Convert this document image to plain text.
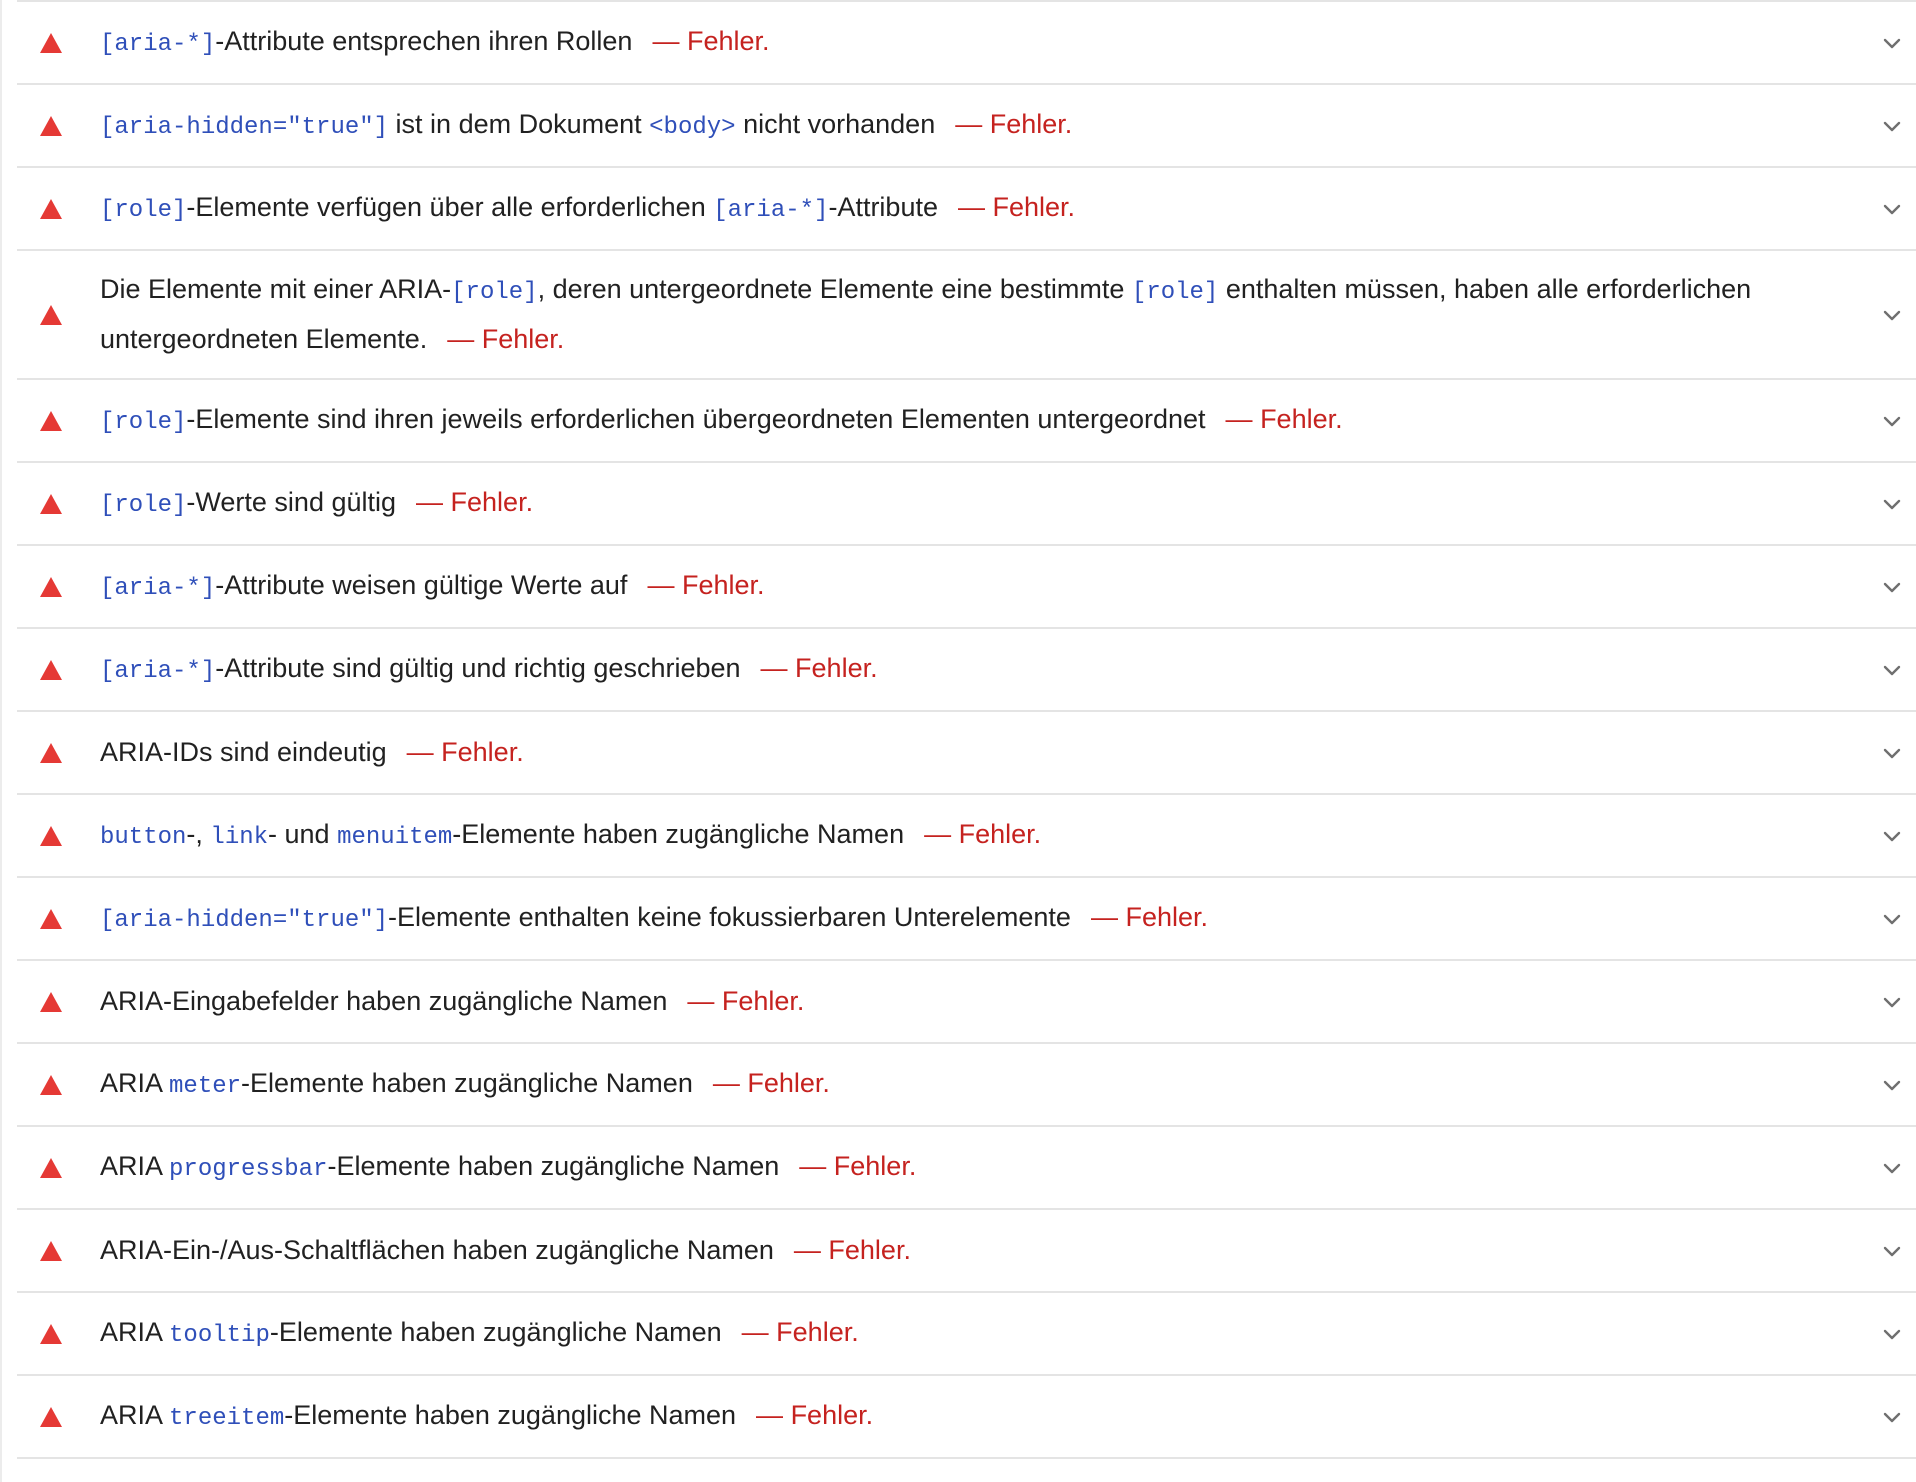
[aria-*]-Attribute entsprechen ihren Rollen — Fehler.
[aria-hidden="true"] ist in dem Dokument <body> nicht vorhanden — Fehler.
[role]-Elemente verfügen über alle erforderlichen [aria-*]-Attribute — Fehler.
Die Elemente mit einer ARIA-[role], deren untergeordnete Elemente eine bestimmte [role] enthalten müssen, haben alle erforderlichen untergeordneten Elemente. — Fehler.
[role]-Elemente sind ihren jeweils erforderlichen übergeordneten Elementen untergeordnet — Fehler.
[role]-Werte sind gültig — Fehler.
[aria-*]-Attribute weisen gültige Werte auf — Fehler.
[aria-*]-Attribute sind gültig und richtig geschrieben — Fehler.
ARIA-IDs sind eindeutig — Fehler.
button-, link- und menuitem-Elemente haben zugängliche Namen — Fehler.
[aria-hidden="true"]-Elemente enthalten keine fokussierbaren Unterelemente — Fehler.
ARIA-Eingabefelder haben zugängliche Namen — Fehler.
ARIA meter-Elemente haben zugängliche Namen — Fehler.
ARIA progressbar-Elemente haben zugängliche Namen — Fehler.
ARIA-Ein-/Aus-Schaltflächen haben zugängliche Namen — Fehler.
ARIA tooltip-Elemente haben zugängliche Namen — Fehler.
ARIA treeitem-Elemente haben zugängliche Namen — Fehler.
